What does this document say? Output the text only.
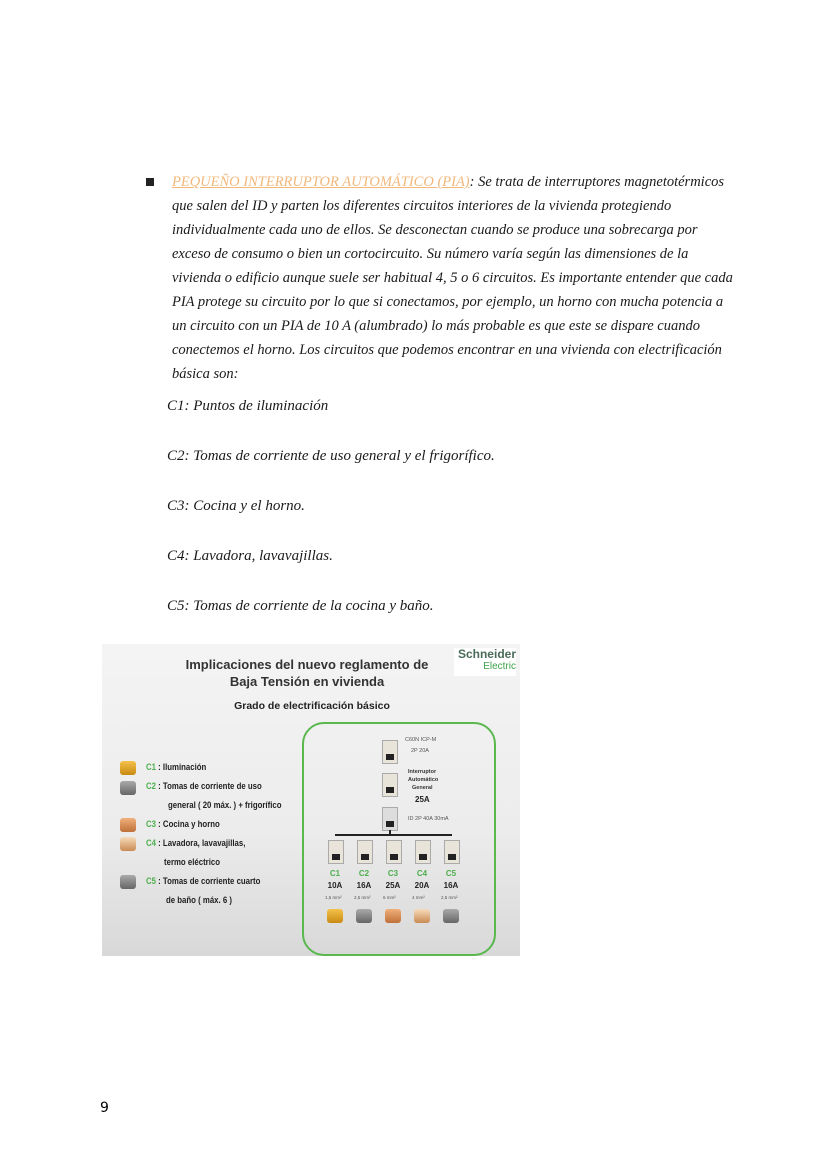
PEQUEÑO INTERRUPTOR AUTOMÁTICO (PIA): Se trata de interruptores magnetotérmicos que salen del ID y parten los diferentes circuitos interiores de la vivienda protegiendo individualmente cada uno de ellos. Se desconectan cuando se produce una sobrecarga por exceso de consumo o bien un cortocircuito. Su número varía según las dimensiones de la vivienda o edificio aunque suele ser habitual 4, 5 o 6 circuitos. Es importante entender que cada PIA protege su circuito por lo que si conectamos, por ejemplo, un horno con mucha potencia a un circuito con un PIA de 10 A (alumbrado) lo más probable es que este se dispare cuando conectemos el horno. Los circuitos que podemos encontrar en una vivienda con electrificación básica son:
C1: Puntos de iluminación
C2: Tomas de corriente de uso general y el frigorífico.
C3: Cocina y el horno.
C4: Lavadora, lavavajillas.
C5: Tomas de corriente de la cocina y baño.
Implicaciones del nuevo reglamento de
Baja Tensión en vivienda
Grado de electrificación básico
Schneider
Electric
C1 : Iluminación
C2 : Tomas de corriente de uso
general ( 20 máx. ) + frigorífico
C3 : Cocina y horno
C4 : Lavadora, lavavajillas,
termo eléctrico
C5 : Tomas de corriente cuarto
de baño ( máx. 6 )
C60N ICP-M
2P 20A
Interruptor
Automático
General
25A
ID 2P 40A 30mA
C1
10A
1,5 mm²
C2
16A
2,5 mm²
C3
25A
6 mm²
C4
20A
4 mm²
C5
16A
2,5 mm²
9
